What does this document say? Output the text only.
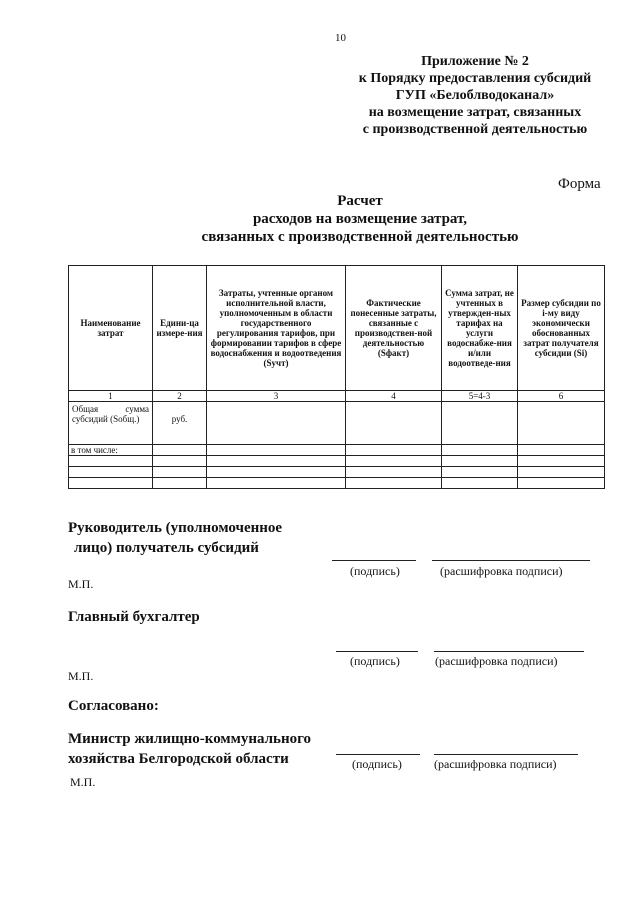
10
Приложение № 2
к Порядку предоставления субсидий
ГУП «Белоблводоканал»
на возмещение затрат, связанных
с производственной деятельностью
Форма
Расчет
расходов на возмещение затрат,
связанных с производственной деятельностью
Наименование затрат	Едини-ца измере-ния	Затраты, учтенные органом исполнительной власти, уполномоченным в области государственного регулирования тарифов, при формировании тарифов в сфере водоснабжения и водоотведения (Sучт)	Фактические понесенные затраты, связанные с производствен-ной деятельностью (Sфакт)	Сумма затрат, не учтенных в утвержден-ных тарифах на услуги водоснабже-ния и/или водоотведе-ния	Размер субсидии по i-му виду экономически обоснованных затрат получателя субсидии (Si)
1	2	3	4	5=4-3	6
Общая сумма субсидий (Sобщ.)	руб.				
в том числе:					

Руководитель (уполномоченное
лицо) получатель субсидий
(подпись)	(расшифровка подписи)
М.П.
Главный бухгалтер
(подпись)	(расшифровка подписи)
М.П.
Согласовано:
Министр жилищно-коммунального
хозяйства Белгородской области	(подпись)	(расшифровка подписи)
М.П.
